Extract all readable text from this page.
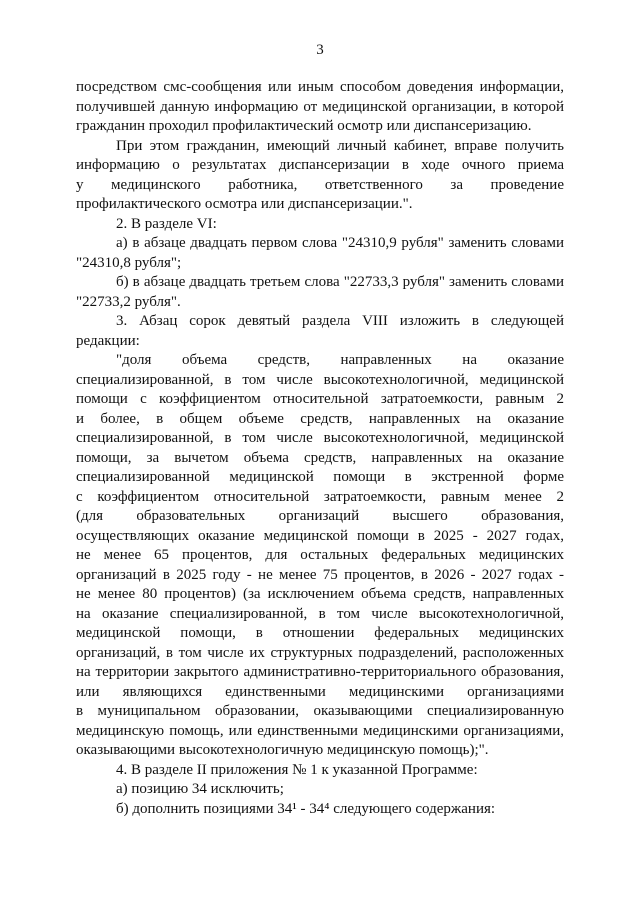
3
посредством смс-сообщения или иным способом доведения информации,
получившей данную информацию от медицинской организации, в которой
гражданин проходил профилактический осмотр или диспансеризацию.
При этом гражданин, имеющий личный кабинет, вправе получить
информацию о результатах диспансеризации в ходе очного приема
у медицинского работника, ответственного за проведение
профилактического осмотра или диспансеризации.".
2. В разделе VI:
а) в абзаце двадцать первом слова "24310,9 рубля" заменить словами
"24310,8 рубля";
б) в абзаце двадцать третьем слова "22733,3 рубля" заменить словами
"22733,2 рубля".
3. Абзац сорок девятый раздела VIII изложить в следующей
редакции:
"доля объема средств, направленных на оказание
специализированной, в том числе высокотехнологичной, медицинской
помощи с коэффициентом относительной затратоемкости, равным 2
и более, в общем объеме средств, направленных на оказание
специализированной, в том числе высокотехнологичной, медицинской
помощи, за вычетом объема средств, направленных на оказание
специализированной медицинской помощи в экстренной форме
с коэффициентом относительной затратоемкости, равным менее 2
(для образовательных организаций высшего образования,
осуществляющих оказание медицинской помощи в 2025 - 2027 годах,
не менее 65 процентов, для остальных федеральных медицинских
организаций в 2025 году - не менее 75 процентов, в 2026 - 2027 годах -
не менее 80 процентов) (за исключением объема средств, направленных
на оказание специализированной, в том числе высокотехнологичной,
медицинской помощи, в отношении федеральных медицинских
организаций, в том числе их структурных подразделений, расположенных
на территории закрытого административно-территориального образования,
или являющихся единственными медицинскими организациями
в муниципальном образовании, оказывающими специализированную
медицинскую помощь, или единственными медицинскими организациями,
оказывающими высокотехнологичную медицинскую помощь);".
4. В разделе II приложения № 1 к указанной Программе:
а) позицию 34 исключить;
б) дополнить позициями 34¹ - 34⁴ следующего содержания:
